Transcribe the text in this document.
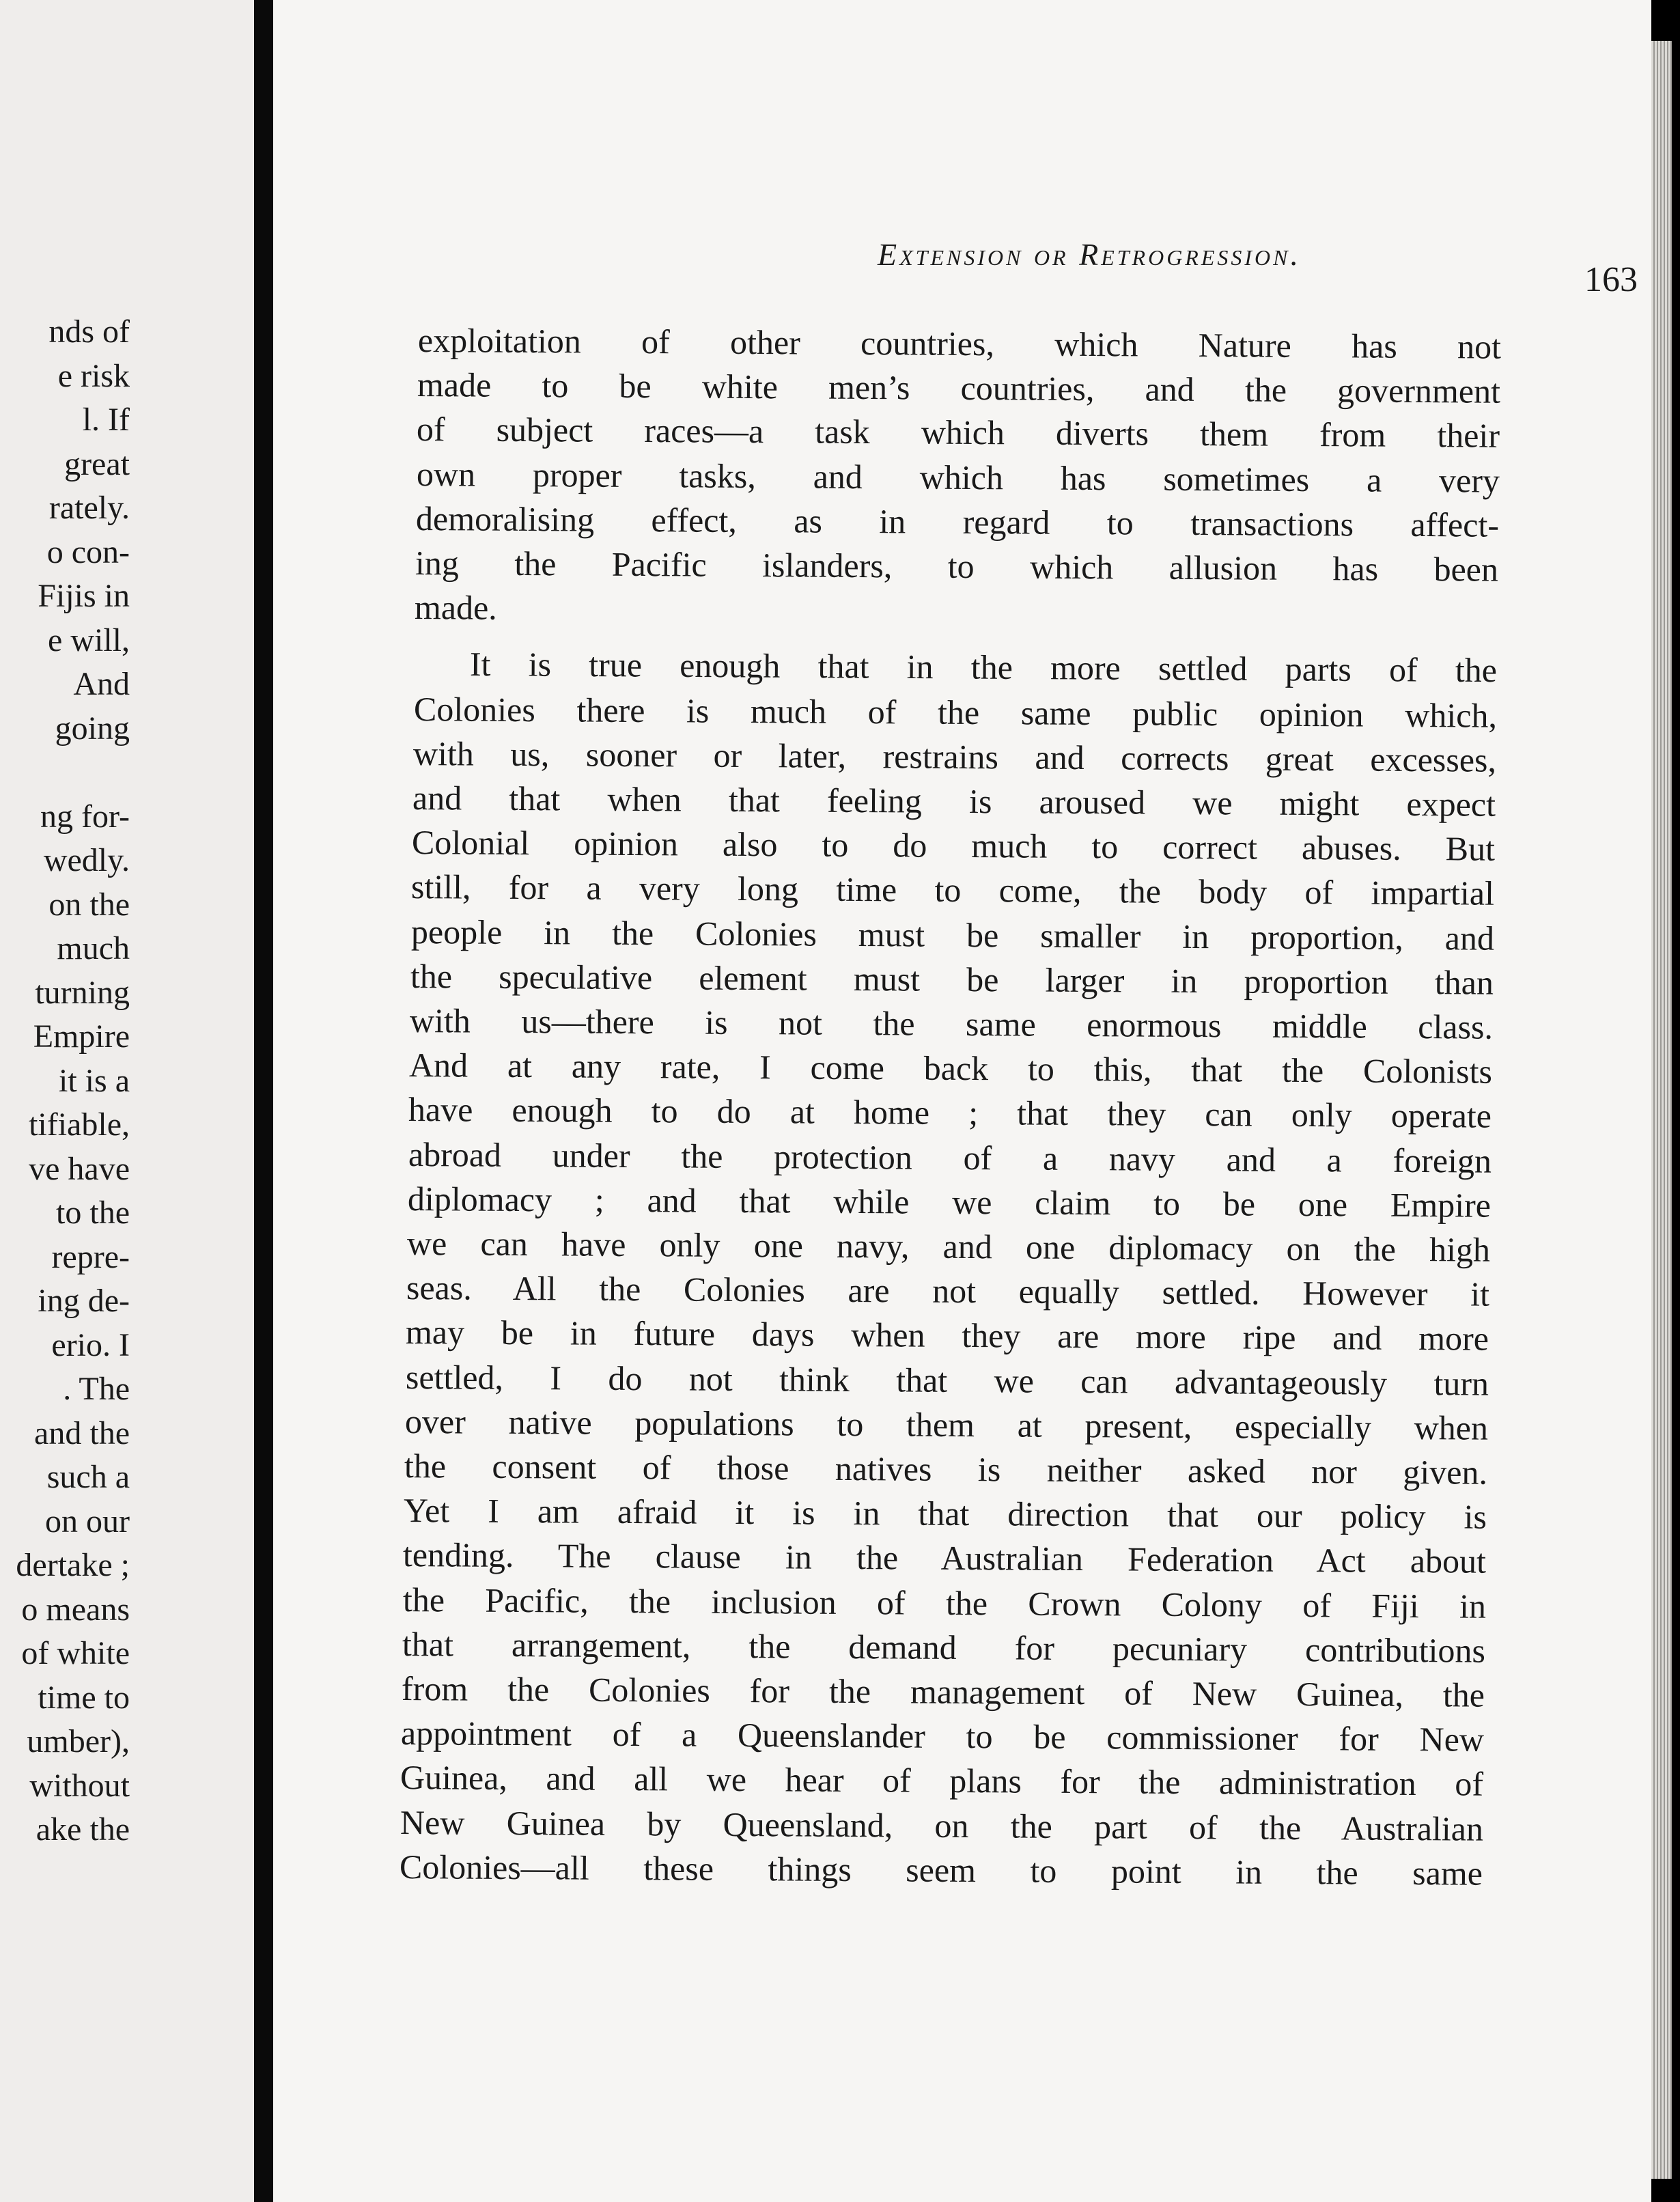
nds of
e risk
l. If
great
rately.
o con-
Fijis in
e will,
And
going
ng for-
wedly.
on the
much
turning
Empire
it is a
tifiable,
ve have
to the
repre-
ing de-
erio. I
. The
and the
such a
on our
dertake ;
o means
of white
time to
umber),
without
ake the
Extension or Retrogression.
163
exploitation of other countries, which Nature has not
made to be white men’s countries, and the government
of subject races—a task which diverts them from their
own proper tasks, and which has sometimes a very
demoralising effect, as in regard to transactions affect-
ing the Pacific islanders, to which allusion has been
made.
It is true enough that in the more settled parts of the
Colonies there is much of the same public opinion which,
with us, sooner or later, restrains and corrects great excesses,
and that when that feeling is aroused we might expect
Colonial opinion also to do much to correct abuses. But
still, for a very long time to come, the body of impartial
people in the Colonies must be smaller in proportion, and
the speculative element must be larger in proportion than
with us—there is not the same enormous middle class.
And at any rate, I come back to this, that the Colonists
have enough to do at home ; that they can only operate
abroad under the protection of a navy and a foreign
diplomacy ; and that while we claim to be one Empire
we can have only one navy, and one diplomacy on the high
seas. All the Colonies are not equally settled. However it
may be in future days when they are more ripe and more
settled, I do not think that we can advantageously turn
over native populations to them at present, especially when
the consent of those natives is neither asked nor given.
Yet I am afraid it is in that direction that our policy is
tending. The clause in the Australian Federation Act about
the Pacific, the inclusion of the Crown Colony of Fiji in
that arrangement, the demand for pecuniary contributions
from the Colonies for the management of New Guinea, the
appointment of a Queenslander to be commissioner for New
Guinea, and all we hear of plans for the administration of
New Guinea by Queensland, on the part of the Australian
Colonies—all these things seem to point in the same
